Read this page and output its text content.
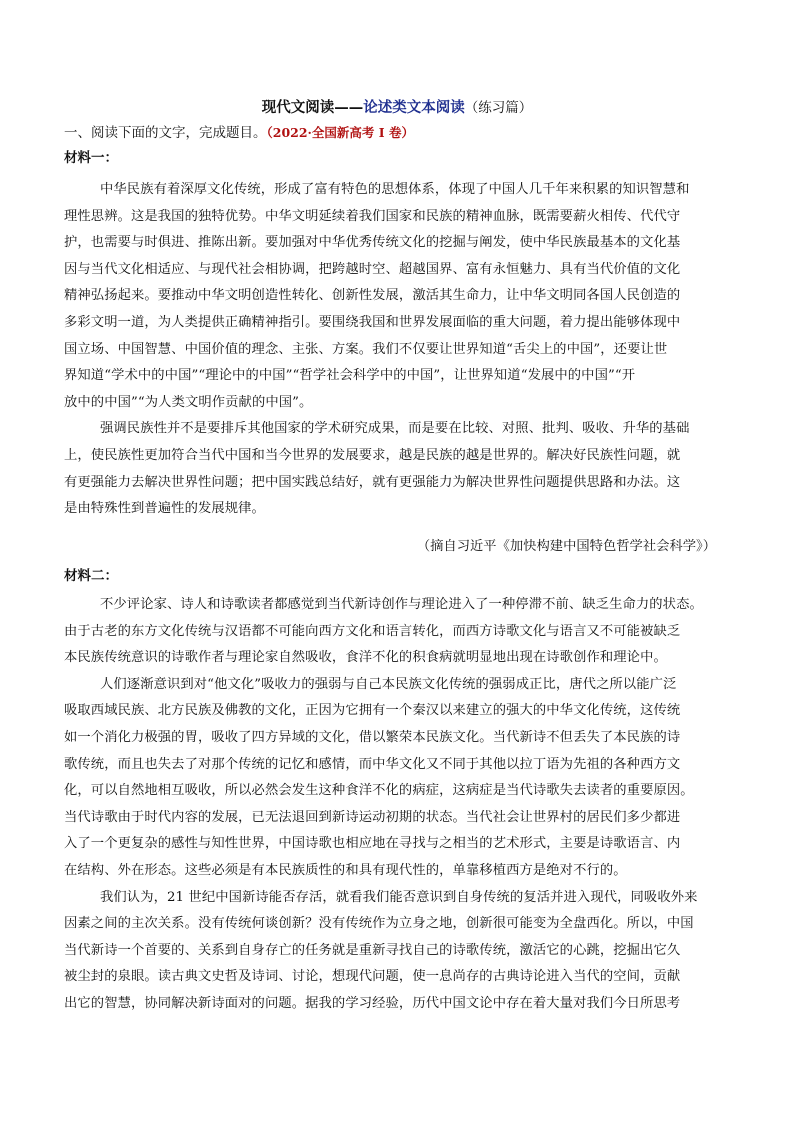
现代文阅读——论述类文本阅读（练习篇）
一、阅读下面的文字，完成题目。（2022·全国新高考 Ⅰ 卷）
材料一：
中华民族有着深厚文化传统，形成了富有特色的思想体系，体现了中国人几千年来积累的知识智慧和
理性思辨。这是我国的独特优势。中华文明延续着我们国家和民族的精神血脉，既需要薪火相传、代代守
护，也需要与时俱进、推陈出新。要加强对中华优秀传统文化的挖掘与阐发，使中华民族最基本的文化基
因与当代文化相适应、与现代社会相协调，把跨越时空、超越国界、富有永恒魅力、具有当代价值的文化
精神弘扬起来。要推动中华文明创造性转化、创新性发展，激活其生命力，让中华文明同各国人民创造的
多彩文明一道，为人类提供正确精神指引。要围绕我国和世界发展面临的重大问题，着力提出能够体现中
国立场、中国智慧、中国价值的理念、主张、方案。我们不仅要让世界知道“舌尖上的中国”，还要让世
界知道“学术中的中国”“理论中的中国”“哲学社会科学中的中国”，让世界知道“发展中的中国”“开
放中的中国”“为人类文明作贡献的中国”。
强调民族性并不是要排斥其他国家的学术研究成果，而是要在比较、对照、批判、吸收、升华的基础
上，使民族性更加符合当代中国和当今世界的发展要求，越是民族的越是世界的。解决好民族性问题，就
有更强能力去解决世界性问题；把中国实践总结好，就有更强能力为解决世界性问题提供思路和办法。这
是由特殊性到普遍性的发展规律。
（摘自习近平《加快构建中国特色哲学社会科学》）
材料二：
不少评论家、诗人和诗歌读者都感觉到当代新诗创作与理论进入了一种停滞不前、缺乏生命力的状态。
由于古老的东方文化传统与汉语都不可能向西方文化和语言转化，而西方诗歌文化与语言又不可能被缺乏
本民族传统意识的诗歌作者与理论家自然吸收，食洋不化的积食病就明显地出现在诗歌创作和理论中。
人们逐渐意识到对“他文化”吸收力的强弱与自己本民族文化传统的强弱成正比，唐代之所以能广泛
吸取西域民族、北方民族及佛教的文化，正因为它拥有一个秦汉以来建立的强大的中华文化传统，这传统
如一个消化力极强的胃，吸收了四方异域的文化，借以繁荣本民族文化。当代新诗不但丢失了本民族的诗
歌传统，而且也失去了对那个传统的记忆和感情，而中华文化又不同于其他以拉丁语为先祖的各种西方文
化，可以自然地相互吸收，所以必然会发生这种食洋不化的病症，这病症是当代诗歌失去读者的重要原因。
当代诗歌由于时代内容的发展，已无法退回到新诗运动初期的状态。当代社会让世界村的居民们多少都进
入了一个更复杂的感性与知性世界，中国诗歌也相应地在寻找与之相当的艺术形式，主要是诗歌语言、内
在结构、外在形态。这些必须是有本民族质性的和具有现代性的，单靠移植西方是绝对不行的。
我们认为，21 世纪中国新诗能否存活，就看我们能否意识到自身传统的复活并进入现代，同吸收外来
因素之间的主次关系。没有传统何谈创新？没有传统作为立身之地，创新很可能变为全盘西化。所以，中国
当代新诗一个首要的、关系到自身存亡的任务就是重新寻找自己的诗歌传统，激活它的心跳，挖掘出它久
被尘封的泉眼。读古典文史哲及诗词、讨论，想现代问题，使一息尚存的古典诗论进入当代的空间，贡献
出它的智慧，协同解决新诗面对的问题。据我的学习经验，历代中国文论中存在着大量对我们今日所思考
